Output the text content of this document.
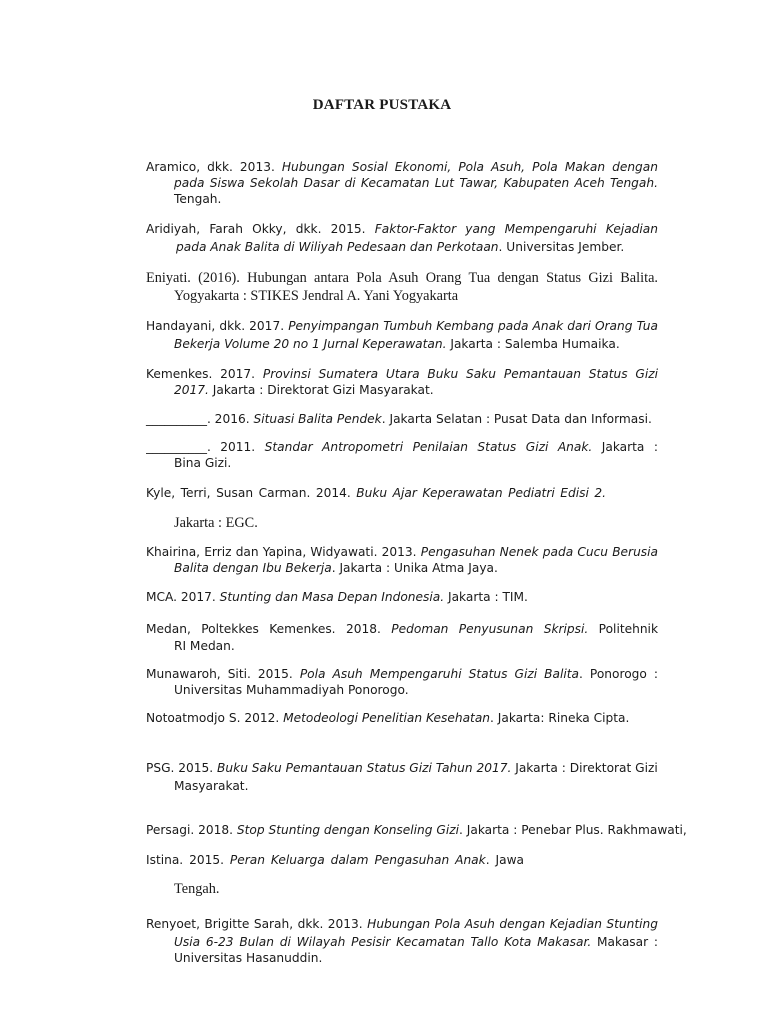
DAFTAR PUSTAKA
Aramico, dkk. 2013. Hubungan Sosial Ekonomi, Pola Asuh, Pola Makan dengan
pada Siswa Sekolah Dasar di Kecamatan Lut Tawar, Kabupaten Aceh Tengah.
Tengah.
Aridiyah, Farah Okky, dkk. 2015. Faktor-Faktor yang Mempengaruhi Kejadian
pada Anak Balita di Wiliyah Pedesaan dan Perkotaan. Universitas Jember.
Eniyati. (2016). Hubungan antara Pola Asuh Orang Tua dengan Status Gizi Balita.
Yogyakarta : STIKES Jendral A. Yani Yogyakarta
Handayani, dkk. 2017. Penyimpangan Tumbuh Kembang pada Anak dari Orang Tua
Bekerja Volume 20 no 1 Jurnal Keperawatan. Jakarta : Salemba Humaika.
Kemenkes. 2017. Provinsi Sumatera Utara Buku Saku Pemantauan Status Gizi
2017. Jakarta : Direktorat Gizi Masyarakat.
__________. 2016. Situasi Balita Pendek. Jakarta Selatan : Pusat Data dan Informasi.
__________. 2011. Standar Antropometri Penilaian Status Gizi Anak. Jakarta :
Bina Gizi.
Kyle, Terri, Susan Carman. 2014. Buku Ajar Keperawatan Pediatri Edisi 2.
Jakarta : EGC.
Khairina, Erriz dan Yapina, Widyawati. 2013. Pengasuhan Nenek pada Cucu Berusia
Balita dengan Ibu Bekerja. Jakarta : Unika Atma Jaya.
MCA. 2017. Stunting dan Masa Depan Indonesia. Jakarta : TIM.
Medan, Poltekkes Kemenkes. 2018. Pedoman Penyusunan Skripsi. Politehnik
RI Medan.
Munawaroh, Siti. 2015. Pola Asuh Mempengaruhi Status Gizi Balita. Ponorogo :
Universitas Muhammadiyah Ponorogo.
Notoatmodjo S. 2012. Metodeologi Penelitian Kesehatan. Jakarta: Rineka Cipta.
PSG. 2015. Buku Saku Pemantauan Status Gizi Tahun 2017. Jakarta : Direktorat Gizi
Masyarakat.
Persagi. 2018. Stop Stunting dengan Konseling Gizi. Jakarta : Penebar Plus. Rakhmawati,
Istina. 2015. Peran Keluarga dalam Pengasuhan Anak. Jawa
Tengah.
Renyoet, Brigitte Sarah, dkk. 2013. Hubungan Pola Asuh dengan Kejadian Stunting
Usia 6-23 Bulan di Wilayah Pesisir Kecamatan Tallo Kota Makasar. Makasar :
Universitas Hasanuddin.
